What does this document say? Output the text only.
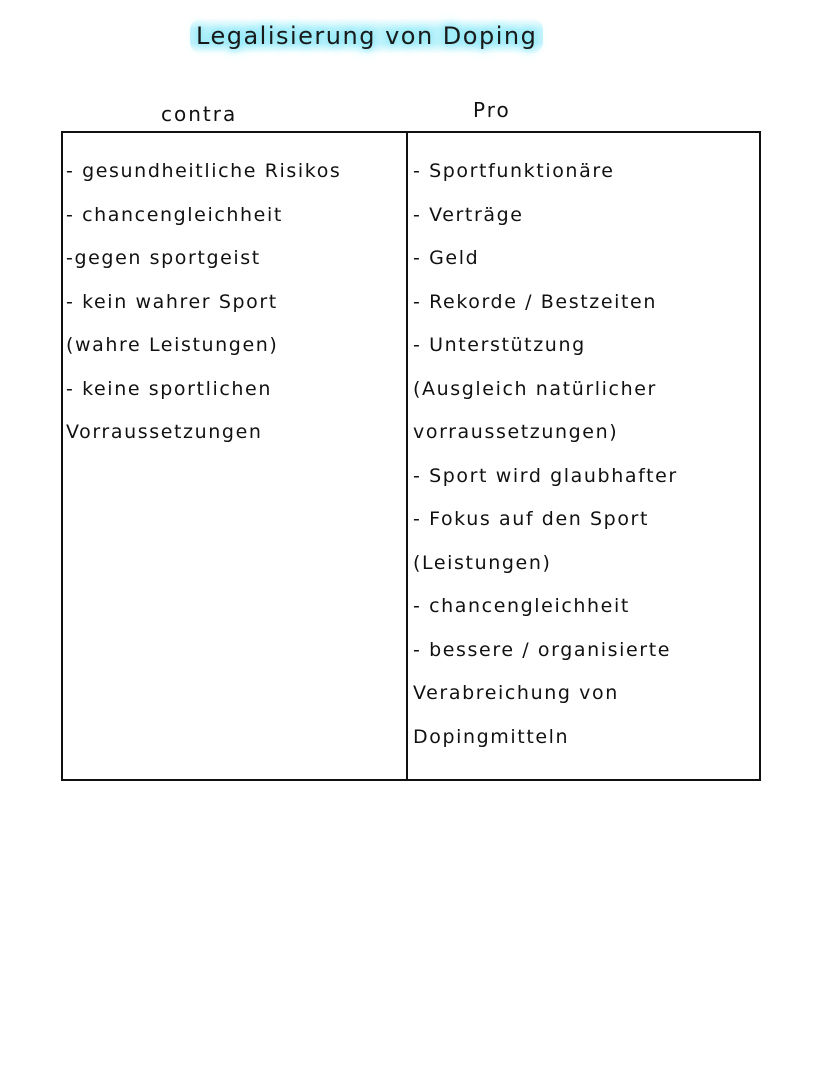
Legalisierung von Doping
contra	Pro
- gesundheitliche Risikos
- chancengleichheit
-gegen sportgeist
- kein wahrer Sport
(wahre Leistungen)
- keine sportlichen
Vorraussetzungen
- Sportfunktionäre
- Verträge
- Geld
- Rekorde / Bestzeiten
- Unterstützung
(Ausgleich natürlicher
vorraussetzungen)
- Sport wird glaubhafter
- Fokus auf den Sport
(Leistungen)
- chancengleichheit
- bessere / organisierte
Verabreichung von
Dopingmitteln
